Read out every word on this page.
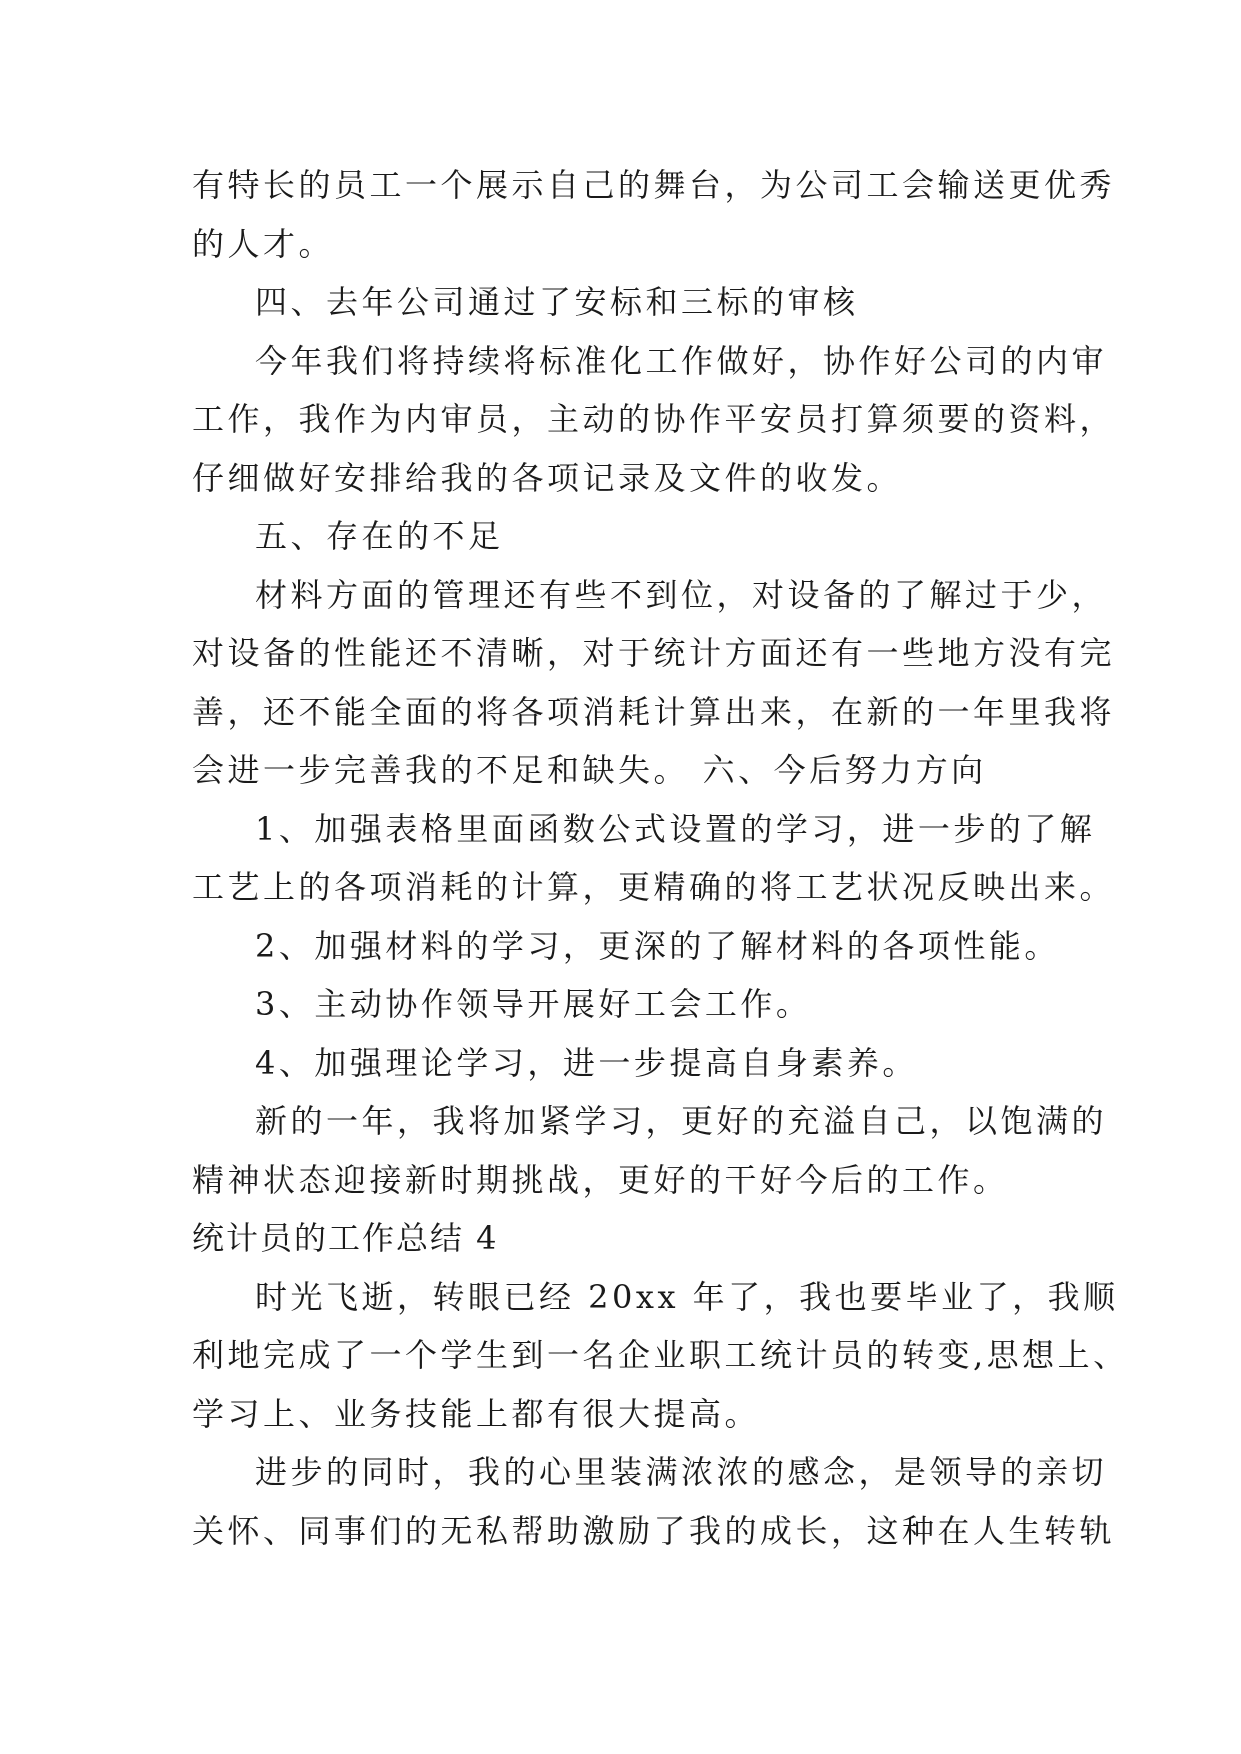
有特长的员工一个展示自己的舞台，为公司工会输送更优秀
的人才。
四、去年公司通过了安标和三标的审核
今年我们将持续将标准化工作做好，协作好公司的内审
工作，我作为内审员，主动的协作平安员打算须要的资料，
仔细做好安排给我的各项记录及文件的收发。
五、存在的不足
材料方面的管理还有些不到位，对设备的了解过于少，
对设备的性能还不清晰，对于统计方面还有一些地方没有完
善，还不能全面的将各项消耗计算出来，在新的一年里我将
会进一步完善我的不足和缺失。 六、今后努力方向
1、加强表格里面函数公式设置的学习，进一步的了解
工艺上的各项消耗的计算，更精确的将工艺状况反映出来。
2、加强材料的学习，更深的了解材料的各项性能。
3、主动协作领导开展好工会工作。
4、加强理论学习，进一步提高自身素养。
新的一年，我将加紧学习，更好的充溢自己，以饱满的
精神状态迎接新时期挑战，更好的干好今后的工作。
统计员的工作总结 4
时光飞逝，转眼已经 20xx 年了，我也要毕业了，我顺
利地完成了一个学生到一名企业职工统计员的转变,思想上、
学习上、业务技能上都有很大提高。
进步的同时，我的心里装满浓浓的感念，是领导的亲切
关怀、同事们的无私帮助激励了我的成长，这种在人生转轨
